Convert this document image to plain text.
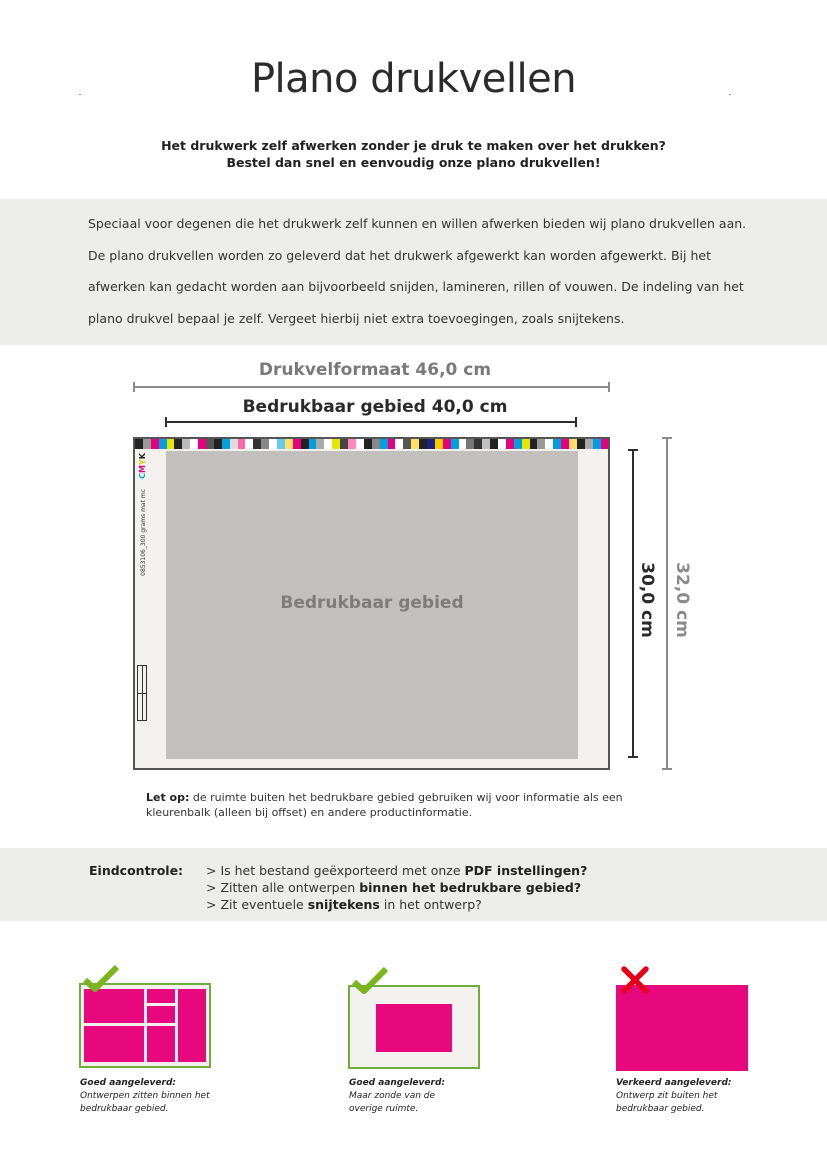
Plano drukvellen
Het drukwerk zelf afwerken zonder je druk te maken over het drukken?
Bestel dan snel en eenvoudig onze plano drukvellen!
Speciaal voor degenen die het drukwerk zelf kunnen en willen afwerken bieden wij plano drukvellen aan.
De plano drukvellen worden zo geleverd dat het drukwerk afgewerkt kan worden afgewerkt. Bij het
afwerken kan gedacht worden aan bijvoorbeeld snijden, lamineren, rillen of vouwen. De indeling van het
plano drukvel bepaal je zelf. Vergeet hierbij niet extra toevoegingen, zoals snijtekens.
Drukvelformaat 46,0 cm
Bedrukbaar gebied 40,0 cm
30,0 cm 32,0 cm
CMYK
0853106_300 grams mat mc
Bedrukbaar gebied
Let op: de ruimte buiten het bedrukbare gebied gebruiken wij voor informatie als een kleurenbalk (alleen bij offset) en andere productinformatie.
Eindcontrole: > Is het bestand geëxporteerd met onze PDF instellingen?
> Zitten alle ontwerpen binnen het bedrukbare gebied?
> Zit eventuele snijtekens in het ontwerp?
Goed aangeleverd:
Ontwerpen zitten binnen het
bedrukbaar gebied.
Goed aangeleverd:
Maar zonde van de
overige ruimte.
Verkeerd aangeleverd:
Ontwerp zit buiten het
bedrukbaar gebied.
